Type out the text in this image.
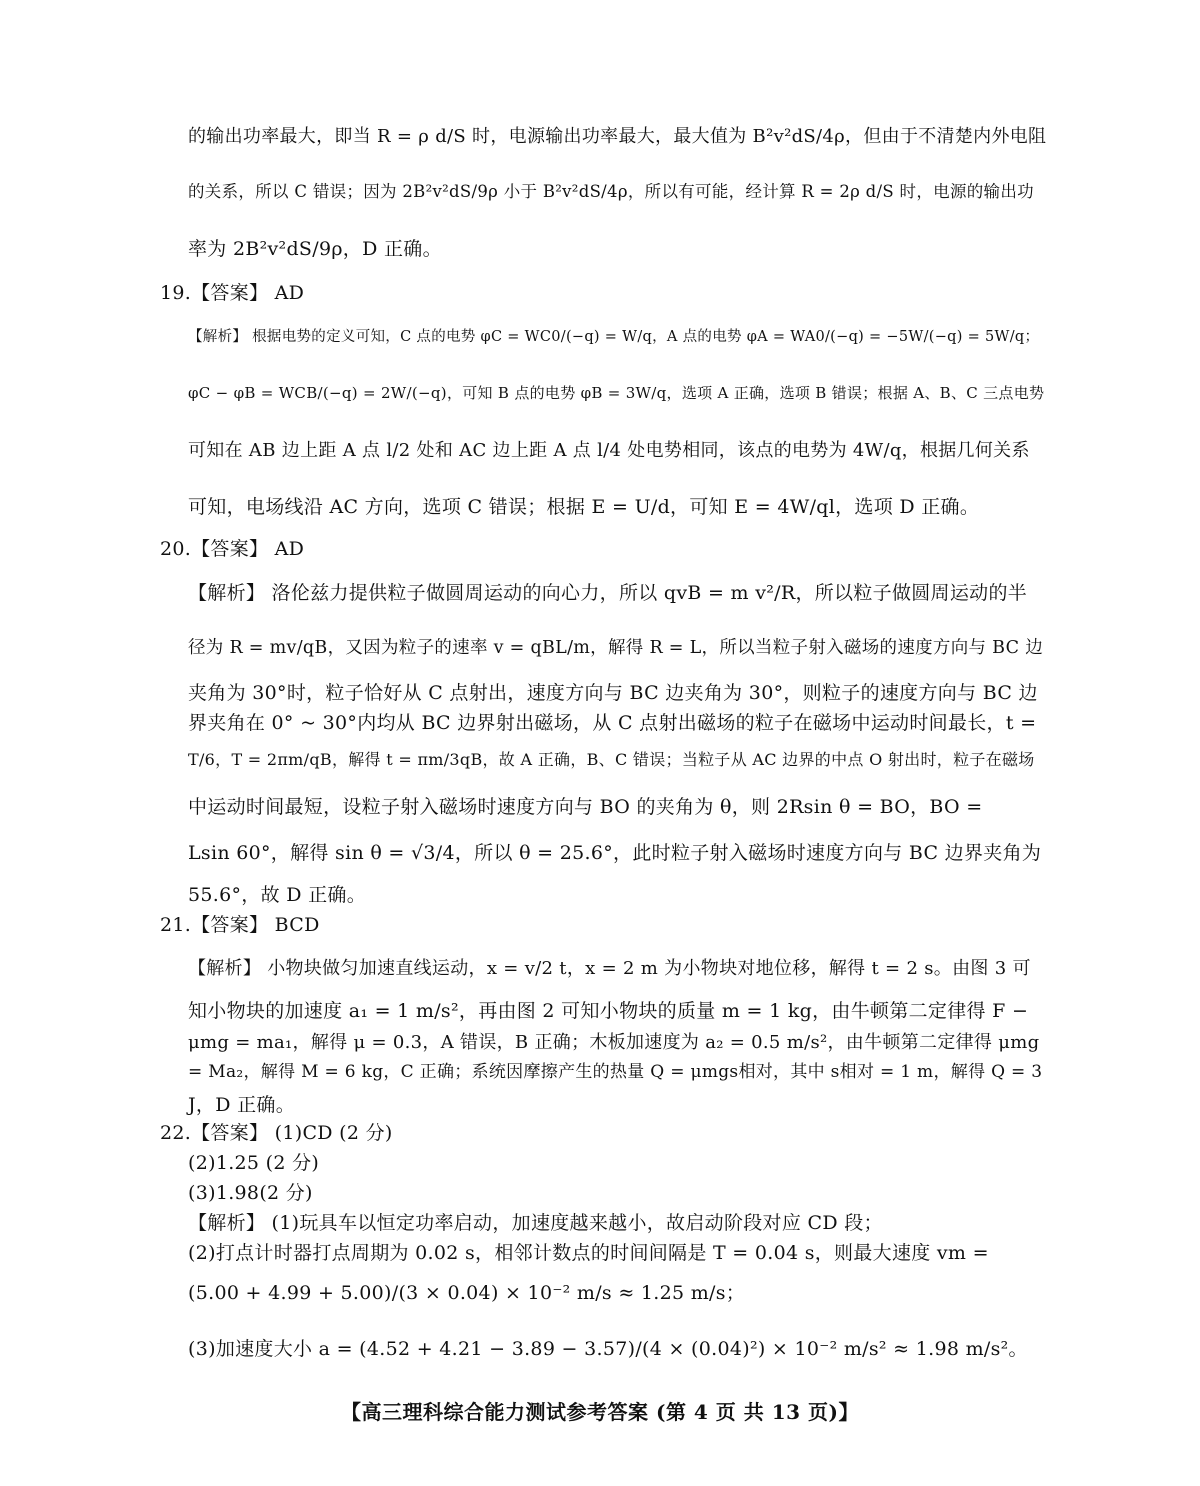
的输出功率最大，即当 R = ρ d/S 时，电源输出功率最大，最大值为 B²v²dS/4ρ，但由于不清楚内外电阻
的关系，所以 C 错误；因为 2B²v²dS/9ρ 小于 B²v²dS/4ρ，所以有可能，经计算 R = 2ρ d/S 时，电源的输出功
率为 2B²v²dS/9ρ，D 正确。
19.【答案】 AD
【解析】 根据电势的定义可知，C 点的电势 φC = WC0/(−q) = W/q，A 点的电势 φA = WA0/(−q) = −5W/(−q) = 5W/q；
φC − φB = WCB/(−q) = 2W/(−q)，可知 B 点的电势 φB = 3W/q，选项 A 正确，选项 B 错误；根据 A、B、C 三点电势
可知在 AB 边上距 A 点 l/2 处和 AC 边上距 A 点 l/4 处电势相同，该点的电势为 4W/q，根据几何关系
可知，电场线沿 AC 方向，选项 C 错误；根据 E = U/d，可知 E = 4W/ql，选项 D 正确。
20.【答案】 AD
【解析】 洛伦兹力提供粒子做圆周运动的向心力，所以 qvB = m v²/R，所以粒子做圆周运动的半
径为 R = mv/qB，又因为粒子的速率 v = qBL/m，解得 R = L，所以当粒子射入磁场的速度方向与 BC 边
夹角为 30°时，粒子恰好从 C 点射出，速度方向与 BC 边夹角为 30°，则粒子的速度方向与 BC 边
界夹角在 0° ~ 30°内均从 BC 边界射出磁场，从 C 点射出磁场的粒子在磁场中运动时间最长，t =
T/6，T = 2πm/qB，解得 t = πm/3qB，故 A 正确，B、C 错误；当粒子从 AC 边界的中点 O 射出时，粒子在磁场
中运动时间最短，设粒子射入磁场时速度方向与 BO 的夹角为 θ，则 2Rsin θ = BO，BO =
Lsin 60°，解得 sin θ = √3/4，所以 θ = 25.6°，此时粒子射入磁场时速度方向与 BC 边界夹角为
55.6°，故 D 正确。
21.【答案】 BCD
【解析】 小物块做匀加速直线运动，x = v/2 t，x = 2 m 为小物块对地位移，解得 t = 2 s。由图 3 可
知小物块的加速度 a₁ = 1 m/s²，再由图 2 可知小物块的质量 m = 1 kg，由牛顿第二定律得 F −
μmg = ma₁，解得 μ = 0.3，A 错误，B 正确；木板加速度为 a₂ = 0.5 m/s²，由牛顿第二定律得 μmg
= Ma₂，解得 M = 6 kg，C 正确；系统因摩擦产生的热量 Q = μmgs相对，其中 s相对 = 1 m，解得 Q = 3
J，D 正确。
22.【答案】 (1)CD (2 分)
(2)1.25 (2 分)
(3)1.98(2 分)
【解析】 (1)玩具车以恒定功率启动，加速度越来越小，故启动阶段对应 CD 段；
(2)打点计时器打点周期为 0.02 s，相邻计数点的时间间隔是 T = 0.04 s，则最大速度 vm =
(5.00 + 4.99 + 5.00)/(3 × 0.04) × 10⁻² m/s ≈ 1.25 m/s；
(3)加速度大小 a = (4.52 + 4.21 − 3.89 − 3.57)/(4 × (0.04)²) × 10⁻² m/s² ≈ 1.98 m/s²。
【高三理科综合能力测试参考答案 (第 4 页 共 13 页)】
